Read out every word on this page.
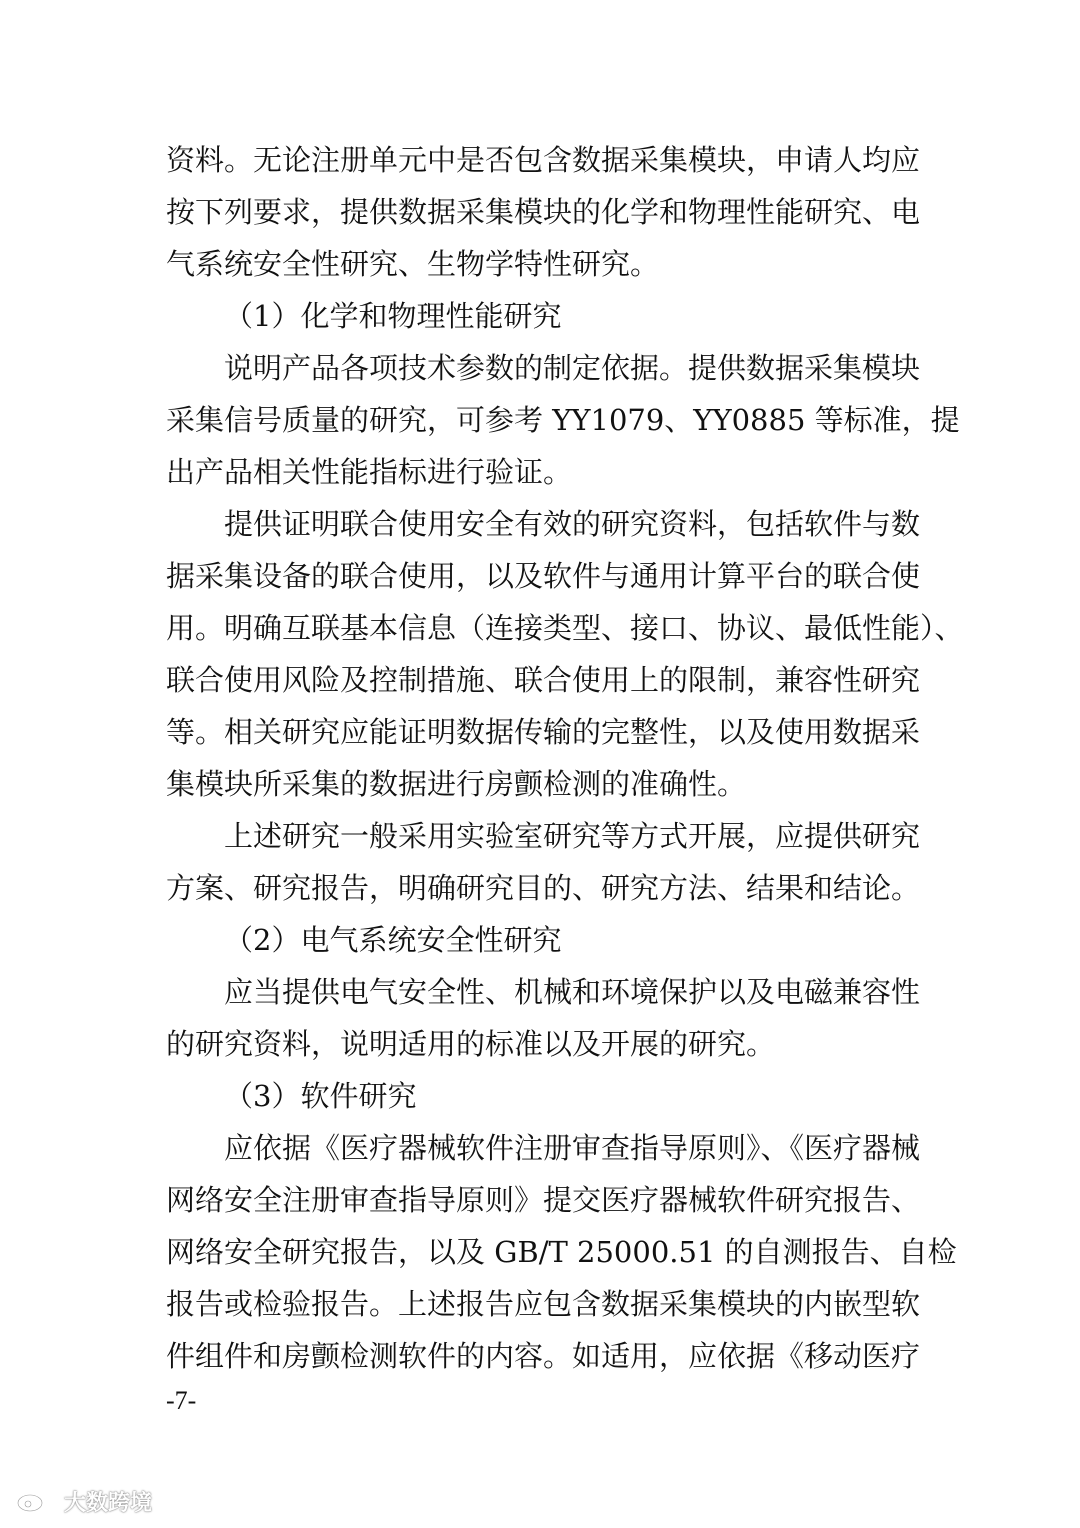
资料。无论注册单元中是否包含数据采集模块，申请人均应
按下列要求，提供数据采集模块的化学和物理性能研究、电
气系统安全性研究、生物学特性研究。
（1）化学和物理性能研究
说明产品各项技术参数的制定依据。提供数据采集模块
采集信号质量的研究，可参考 YY1079、YY0885 等标准，提
出产品相关性能指标进行验证。
提供证明联合使用安全有效的研究资料，包括软件与数
据采集设备的联合使用，以及软件与通用计算平台的联合使
用。明确互联基本信息（连接类型、接口、协议、最低性能）、
联合使用风险及控制措施、联合使用上的限制，兼容性研究
等。相关研究应能证明数据传输的完整性，以及使用数据采
集模块所采集的数据进行房颤检测的准确性。
上述研究一般采用实验室研究等方式开展，应提供研究
方案、研究报告，明确研究目的、研究方法、结果和结论。
（2）电气系统安全性研究
应当提供电气安全性、机械和环境保护以及电磁兼容性
的研究资料，说明适用的标准以及开展的研究。
（3）软件研究
应依据《医疗器械软件注册审查指导原则》、《医疗器械
网络安全注册审查指导原则》提交医疗器械软件研究报告、
网络安全研究报告，以及 GB/T 25000.51 的自测报告、自检
报告或检验报告。上述报告应包含数据采集模块的内嵌型软
件组件和房颤检测软件的内容。如适用，应依据《移动医疗
-7-
大数跨境
